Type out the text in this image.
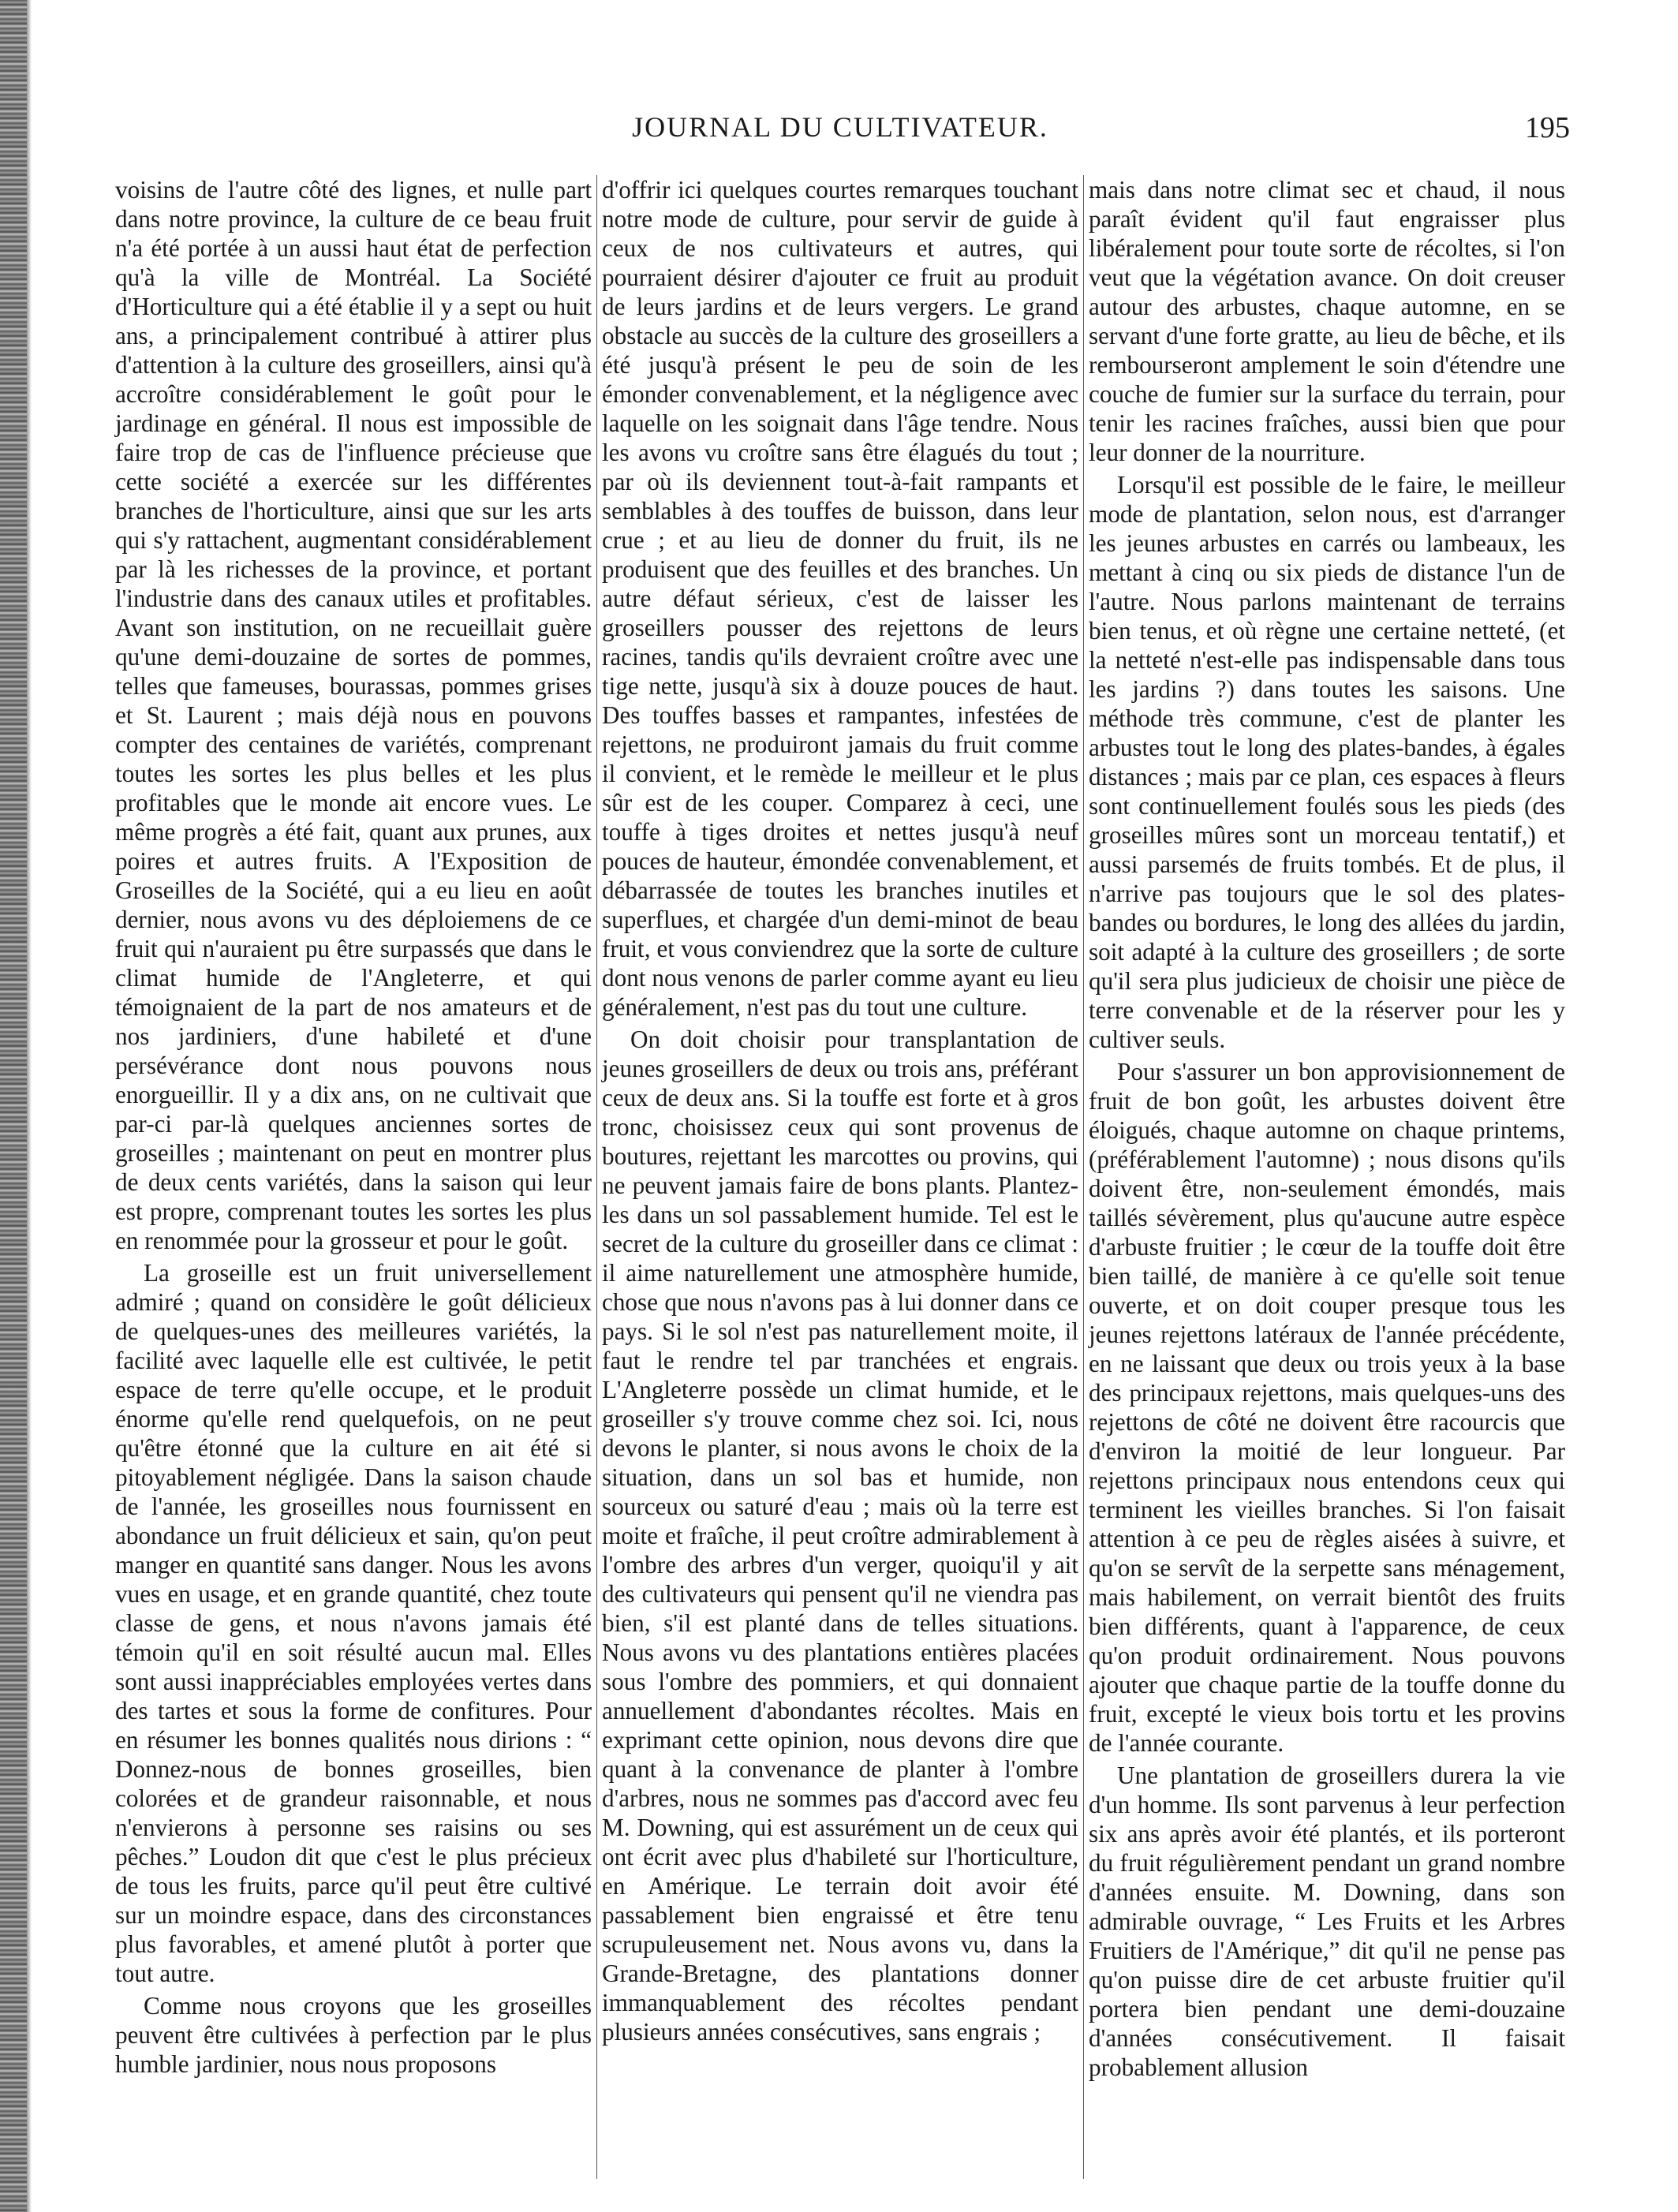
JOURNAL DU CULTIVATEUR.	195

voisins de l'autre côté des lignes, et nulle part dans notre province, la culture de ce beau fruit n'a été portée à un aussi haut état de perfection qu'à la ville de Montréal. La Société d'Horticulture qui a été établie il y a sept ou huit ans, a principalement contribué à attirer plus d'attention à la culture des groseillers, ainsi qu'à accroître considérablement le goût pour le jardinage en général. Il nous est impossible de faire trop de cas de l'influence précieuse que cette société a exercée sur les différentes branches de l'horticulture, ainsi que sur les arts qui s'y rattachent, augmentant considérablement par là les richesses de la province, et portant l'industrie dans des canaux utiles et profitables. Avant son institution, on ne recueillait guère qu'une demi-douzaine de sortes de pommes, telles que fameuses, bourassas, pommes grises et St. Laurent ; mais déjà nous en pouvons compter des centaines de variétés, comprenant toutes les sortes les plus belles et les plus profitables que le monde ait encore vues. Le même progrès a été fait, quant aux prunes, aux poires et autres fruits. A l'Exposition de Groseilles de la Société, qui a eu lieu en août dernier, nous avons vu des déploiemens de ce fruit qui n'auraient pu être surpassés que dans le climat humide de l'Angleterre, et qui témoignaient de la part de nos amateurs et de nos jardiniers, d'une habileté et d'une persévérance dont nous pouvons nous enorgueillir. Il y a dix ans, on ne cultivait que par-ci par-là quelques anciennes sortes de groseilles ; maintenant on peut en montrer plus de deux cents variétés, dans la saison qui leur est propre, comprenant toutes les sortes les plus en renommée pour la grosseur et pour le goût.

La groseille est un fruit universellement admiré ; quand on considère le goût délicieux de quelques-unes des meilleures variétés, la facilité avec laquelle elle est cultivée, le petit espace de terre qu'elle occupe, et le produit énorme qu'elle rend quelquefois, on ne peut qu'être étonné que la culture en ait été si pitoyablement négligée. Dans la saison chaude de l'année, les groseilles nous fournissent en abondance un fruit délicieux et sain, qu'on peut manger en quantité sans danger. Nous les avons vues en usage, et en grande quantité, chez toute classe de gens, et nous n'avons jamais été témoin qu'il en soit résulté aucun mal. Elles sont aussi inappréciables employées vertes dans des tartes et sous la forme de confitures. Pour en résumer les bonnes qualités nous dirions : “ Donnez-nous de bonnes groseilles, bien colorées et de grandeur raisonnable, et nous n'envierons à personne ses raisins ou ses pêches.” Loudon dit que c'est le plus précieux de tous les fruits, parce qu'il peut être cultivé sur un moindre espace, dans des circonstances plus favorables, et amené plutôt à porter que tout autre.

Comme nous croyons que les groseilles peuvent être cultivées à perfection par le plus humble jardinier, nous nous proposons

d'offrir ici quelques courtes remarques touchant notre mode de culture, pour servir de guide à ceux de nos cultivateurs et autres, qui pourraient désirer d'ajouter ce fruit au produit de leurs jardins et de leurs vergers. Le grand obstacle au succès de la culture des groseillers a été jusqu'à présent le peu de soin de les émonder convenablement, et la négligence avec laquelle on les soignait dans l'âge tendre. Nous les avons vu croître sans être élagués du tout ; par où ils deviennent tout-à-fait rampants et semblables à des touffes de buisson, dans leur crue ; et au lieu de donner du fruit, ils ne produisent que des feuilles et des branches. Un autre défaut sérieux, c'est de laisser les groseillers pousser des rejettons de leurs racines, tandis qu'ils devraient croître avec une tige nette, jusqu'à six à douze pouces de haut. Des touffes basses et rampantes, infestées de rejettons, ne produiront jamais du fruit comme il convient, et le remède le meilleur et le plus sûr est de les couper. Comparez à ceci, une touffe à tiges droites et nettes jusqu'à neuf pouces de hauteur, émondée convenablement, et débarrassée de toutes les branches inutiles et superflues, et chargée d'un demi-minot de beau fruit, et vous conviendrez que la sorte de culture dont nous venons de parler comme ayant eu lieu généralement, n'est pas du tout une culture.

On doit choisir pour transplantation de jeunes groseillers de deux ou trois ans, préférant ceux de deux ans. Si la touffe est forte et à gros tronc, choisissez ceux qui sont provenus de boutures, rejettant les marcottes ou provins, qui ne peuvent jamais faire de bons plants. Plantez-les dans un sol passablement humide. Tel est le secret de la culture du groseiller dans ce climat : il aime naturellement une atmosphère humide, chose que nous n'avons pas à lui donner dans ce pays. Si le sol n'est pas naturellement moite, il faut le rendre tel par tranchées et engrais. L'Angleterre possède un climat humide, et le groseiller s'y trouve comme chez soi. Ici, nous devons le planter, si nous avons le choix de la situation, dans un sol bas et humide, non sourceux ou saturé d'eau ; mais où la terre est moite et fraîche, il peut croître admirablement à l'ombre des arbres d'un verger, quoiqu'il y ait des cultivateurs qui pensent qu'il ne viendra pas bien, s'il est planté dans de telles situations. Nous avons vu des plantations entières placées sous l'ombre des pommiers, et qui donnaient annuellement d'abondantes récoltes. Mais en exprimant cette opinion, nous devons dire que quant à la convenance de planter à l'ombre d'arbres, nous ne sommes pas d'accord avec feu M. Downing, qui est assurément un de ceux qui ont écrit avec plus d'habileté sur l'horticulture, en Amérique. Le terrain doit avoir été passablement bien engraissé et être tenu scrupuleusement net. Nous avons vu, dans la Grande-Bretagne, des plantations donner immanquablement des récoltes pendant plusieurs années consécutives, sans engrais ;

mais dans notre climat sec et chaud, il nous paraît évident qu'il faut engraisser plus libéralement pour toute sorte de récoltes, si l'on veut que la végétation avance. On doit creuser autour des arbustes, chaque automne, en se servant d'une forte gratte, au lieu de bêche, et ils rembourseront amplement le soin d'étendre une couche de fumier sur la surface du terrain, pour tenir les racines fraîches, aussi bien que pour leur donner de la nourriture.

Lorsqu'il est possible de le faire, le meilleur mode de plantation, selon nous, est d'arranger les jeunes arbustes en carrés ou lambeaux, les mettant à cinq ou six pieds de distance l'un de l'autre. Nous parlons maintenant de terrains bien tenus, et où règne une certaine netteté, (et la netteté n'est-elle pas indispensable dans tous les jardins ?) dans toutes les saisons. Une méthode très commune, c'est de planter les arbustes tout le long des plates-bandes, à égales distances ; mais par ce plan, ces espaces à fleurs sont continuellement foulés sous les pieds (des groseilles mûres sont un morceau tentatif,) et aussi parsemés de fruits tombés. Et de plus, il n'arrive pas toujours que le sol des plates-bandes ou bordures, le long des allées du jardin, soit adapté à la culture des groseillers ; de sorte qu'il sera plus judicieux de choisir une pièce de terre convenable et de la réserver pour les y cultiver seuls.

Pour s'assurer un bon approvisionnement de fruit de bon goût, les arbustes doivent être éloigués, chaque automne on chaque printems, (préférablement l'automne) ; nous disons qu'ils doivent être, non-seulement émondés, mais taillés sévèrement, plus qu'aucune autre espèce d'arbuste fruitier ; le cœur de la touffe doit être bien taillé, de manière à ce qu'elle soit tenue ouverte, et on doit couper presque tous les jeunes rejettons latéraux de l'année précédente, en ne laissant que deux ou trois yeux à la base des principaux rejettons, mais quelques-uns des rejettons de côté ne doivent être racourcis que d'environ la moitié de leur longueur. Par rejettons principaux nous entendons ceux qui terminent les vieilles branches. Si l'on faisait attention à ce peu de règles aisées à suivre, et qu'on se servît de la serpette sans ménagement, mais habilement, on verrait bientôt des fruits bien différents, quant à l'apparence, de ceux qu'on produit ordinairement. Nous pouvons ajouter que chaque partie de la touffe donne du fruit, excepté le vieux bois tortu et les provins de l'année courante.

Une plantation de groseillers durera la vie d'un homme. Ils sont parvenus à leur perfection six ans après avoir été plantés, et ils porteront du fruit régulièrement pendant un grand nombre d'années ensuite. M. Downing, dans son admirable ouvrage, “ Les Fruits et les Arbres Fruitiers de l'Amérique,” dit qu'il ne pense pas qu'on puisse dire de cet arbuste fruitier qu'il portera bien pendant une demi-douzaine d'années consécutivement. Il faisait probablement allusion
